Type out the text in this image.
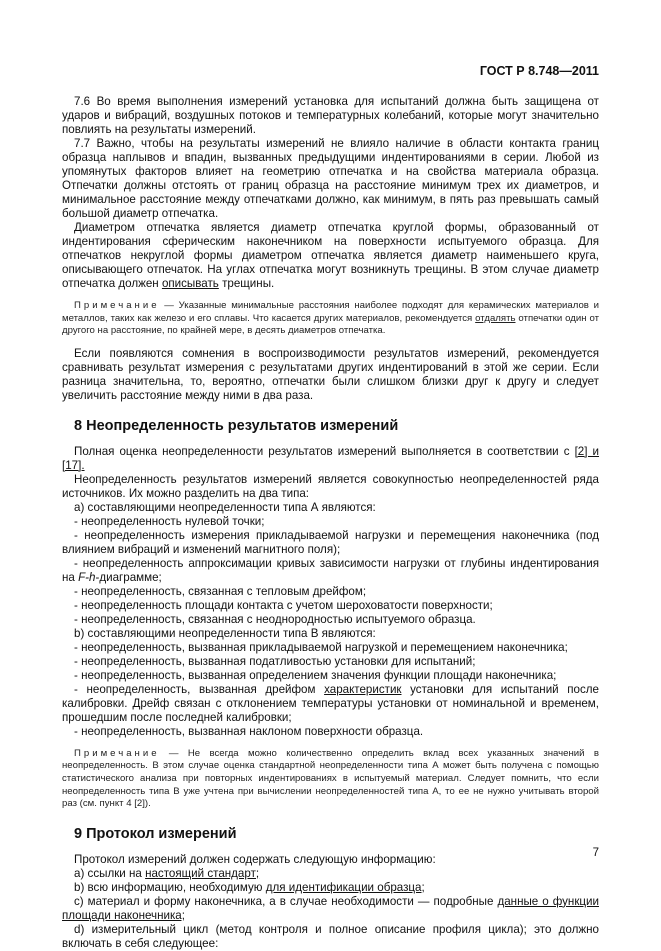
ГОСТ Р 8.748—2011

7.6 Во время выполнения измерений установка для испытаний должна быть защищена от ударов и вибраций, воздушных потоков и температурных колебаний, которые могут значительно повлиять на результаты измерений.

7.7 Важно, чтобы на результаты измерений не влияло наличие в области контакта границ образца наплывов и впадин, вызванных предыдущими индентированиями в серии. Любой из упомянутых факторов влияет на геометрию отпечатка и на свойства материала образца. Отпечатки должны отстоять от границ образца на расстояние минимум трех их диаметров, и минимальное расстояние между отпечатками должно, как минимум, в пять раз превышать самый большой диаметр отпечатка.

Диаметром отпечатка является диаметр отпечатка круглой формы, образованный от индентирования сферическим наконечником на поверхности испытуемого образца. Для отпечатков некруглой формы диаметром отпечатка является диаметр наименьшего круга, описывающего отпечаток. На углах отпечатка могут возникнуть трещины. В этом случае диаметр отпечатка должен описывать трещины.

Примечание — Указанные минимальные расстояния наиболее подходят для керамических материалов и металлов, таких как железо и его сплавы. Что касается других материалов, рекомендуется отдалять отпечатки один от другого на расстояние, по крайней мере, в десять диаметров отпечатка.

Если появляются сомнения в воспроизводимости результатов измерений, рекомендуется сравнивать результат измерения с результатами других индентирований в этой же серии. Если разница значительна, то, вероятно, отпечатки были слишком близки друг к другу и следует увеличить расстояние между ними в два раза.

8 Неопределенность результатов измерений

Полная оценка неопределенности результатов измерений выполняется в соответствии с [2] и [17].

Неопределенность результатов измерений является совокупностью неопределенностей ряда источников. Их можно разделить на два типа:

a) составляющими неопределенности типа А являются:

- неопределенность нулевой точки;

- неопределенность измерения прикладываемой нагрузки и перемещения наконечника (под влиянием вибраций и изменений магнитного поля);

- неопределенность аппроксимации кривых зависимости нагрузки от глубины индентирования на F-h-диаграмме;

- неопределенность, связанная с тепловым дрейфом;

- неопределенность площади контакта с учетом шероховатости поверхности;

- неопределенность, связанная с неоднородностью испытуемого образца.

b) составляющими неопределенности типа В являются:

- неопределенность, вызванная прикладываемой нагрузкой и перемещением наконечника;

- неопределенность, вызванная податливостью установки для испытаний;

- неопределенность, вызванная определением значения функции площади наконечника;

- неопределенность, вызванная дрейфом характеристик установки для испытаний после калибровки. Дрейф связан с отклонением температуры установки от номинальной и временем, прошедшим после последней калибровки;

- неопределенность, вызванная наклоном поверхности образца.

Примечание — Не всегда можно количественно определить вклад всех указанных значений в неопределенность. В этом случае оценка стандартной неопределенности типа А может быть получена с помощью статистического анализа при повторных индентированиях в испытуемый материал. Следует помнить, что если неопределенность типа В уже учтена при вычислении неопределенностей типа А, то ее не нужно учитывать второй раз (см. пункт 4 [2]).

9 Протокол измерений

Протокол измерений должен содержать следующую информацию:

a) ссылки на настоящий стандарт;

b) всю информацию, необходимую для идентификации образца;

c) материал и форму наконечника, а в случае необходимости — подробные данные о функции площади наконечника;

d) измерительный цикл (метод контроля и полное описание профиля цикла); это должно включать в себя следующее:

7
